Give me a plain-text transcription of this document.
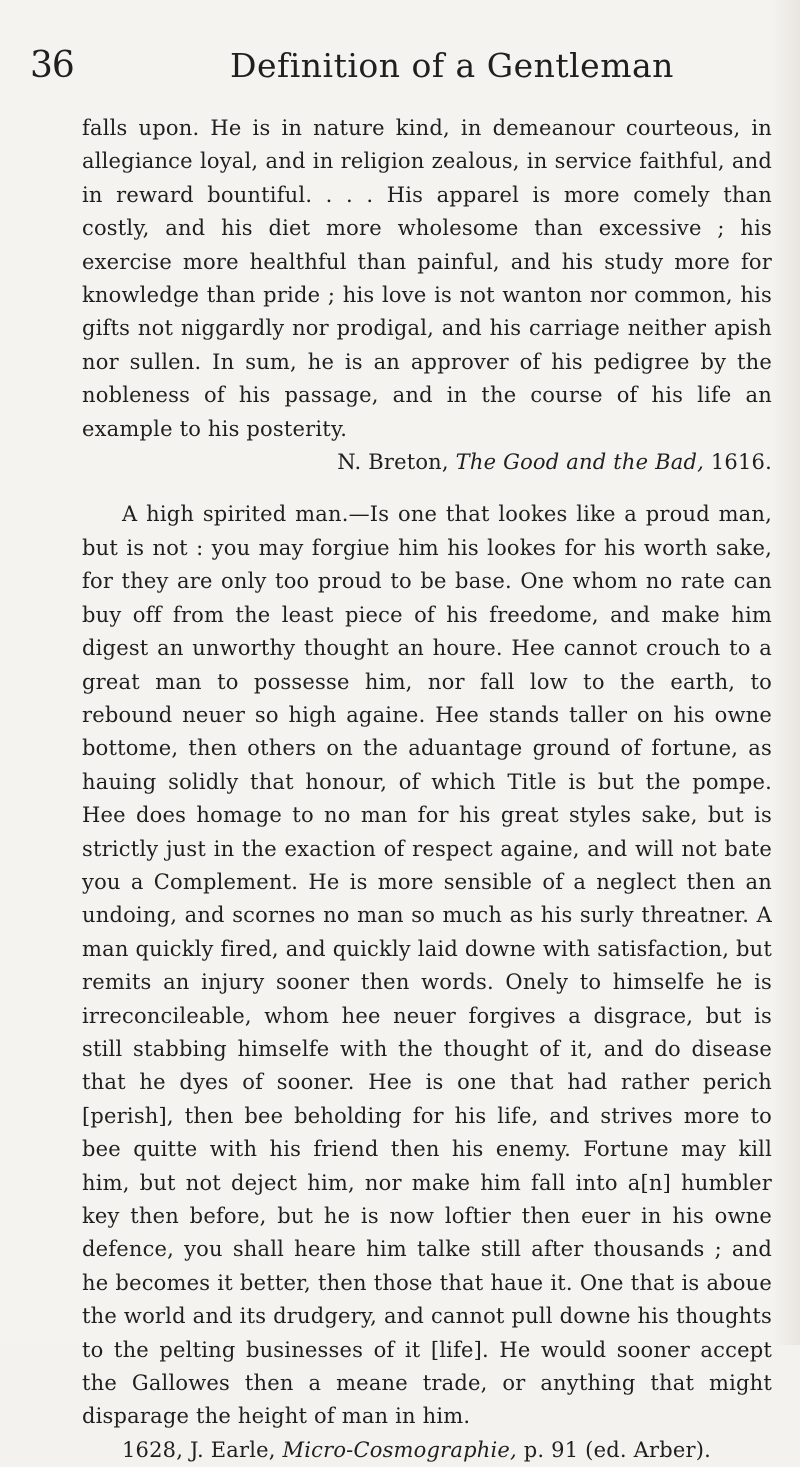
36	Definition of a Gentleman

falls upon. He is in nature kind, in demeanour courteous, in allegiance loyal, and in religion zealous, in service faithful, and in reward bountiful. . . . His apparel is more comely than costly, and his diet more wholesome than excessive ; his exercise more healthful than painful, and his study more for knowledge than pride ; his love is not wanton nor common, his gifts not niggardly nor prodigal, and his carriage neither apish nor sullen. In sum, he is an approver of his pedigree by the nobleness of his passage, and in the course of his life an example to his posterity.

N. Breton, The Good and the Bad, 1616.

A high spirited man.—Is one that lookes like a proud man, but is not : you may forgiue him his lookes for his worth sake, for they are only too proud to be base. One whom no rate can buy off from the least piece of his freedome, and make him digest an unworthy thought an houre. Hee cannot crouch to a great man to possesse him, nor fall low to the earth, to rebound neuer so high againe. Hee stands taller on his owne bottome, then others on the aduantage ground of fortune, as hauing solidly that honour, of which Title is but the pompe. Hee does homage to no man for his great styles sake, but is strictly just in the exaction of respect againe, and will not bate you a Complement. He is more sensible of a neglect then an undoing, and scornes no man so much as his surly threatner. A man quickly fired, and quickly laid downe with satisfaction, but remits an injury sooner then words. Onely to himselfe he is irreconcileable, whom hee neuer forgives a disgrace, but is still stabbing himselfe with the thought of it, and do disease that he dyes of sooner. Hee is one that had rather perich [perish], then bee beholding for his life, and strives more to bee quitte with his friend then his enemy. Fortune may kill him, but not deject him, nor make him fall into a[n] humbler key then before, but he is now loftier then euer in his owne defence, you shall heare him talke still after thousands ; and he becomes it better, then those that haue it. One that is aboue the world and its drudgery, and cannot pull downe his thoughts to the pelting businesses of it [life]. He would sooner accept the Gallowes then a meane trade, or anything that might disparage the height of man in him.

1628, J. Earle, Micro-Cosmographie, p. 91 (ed. Arber).
